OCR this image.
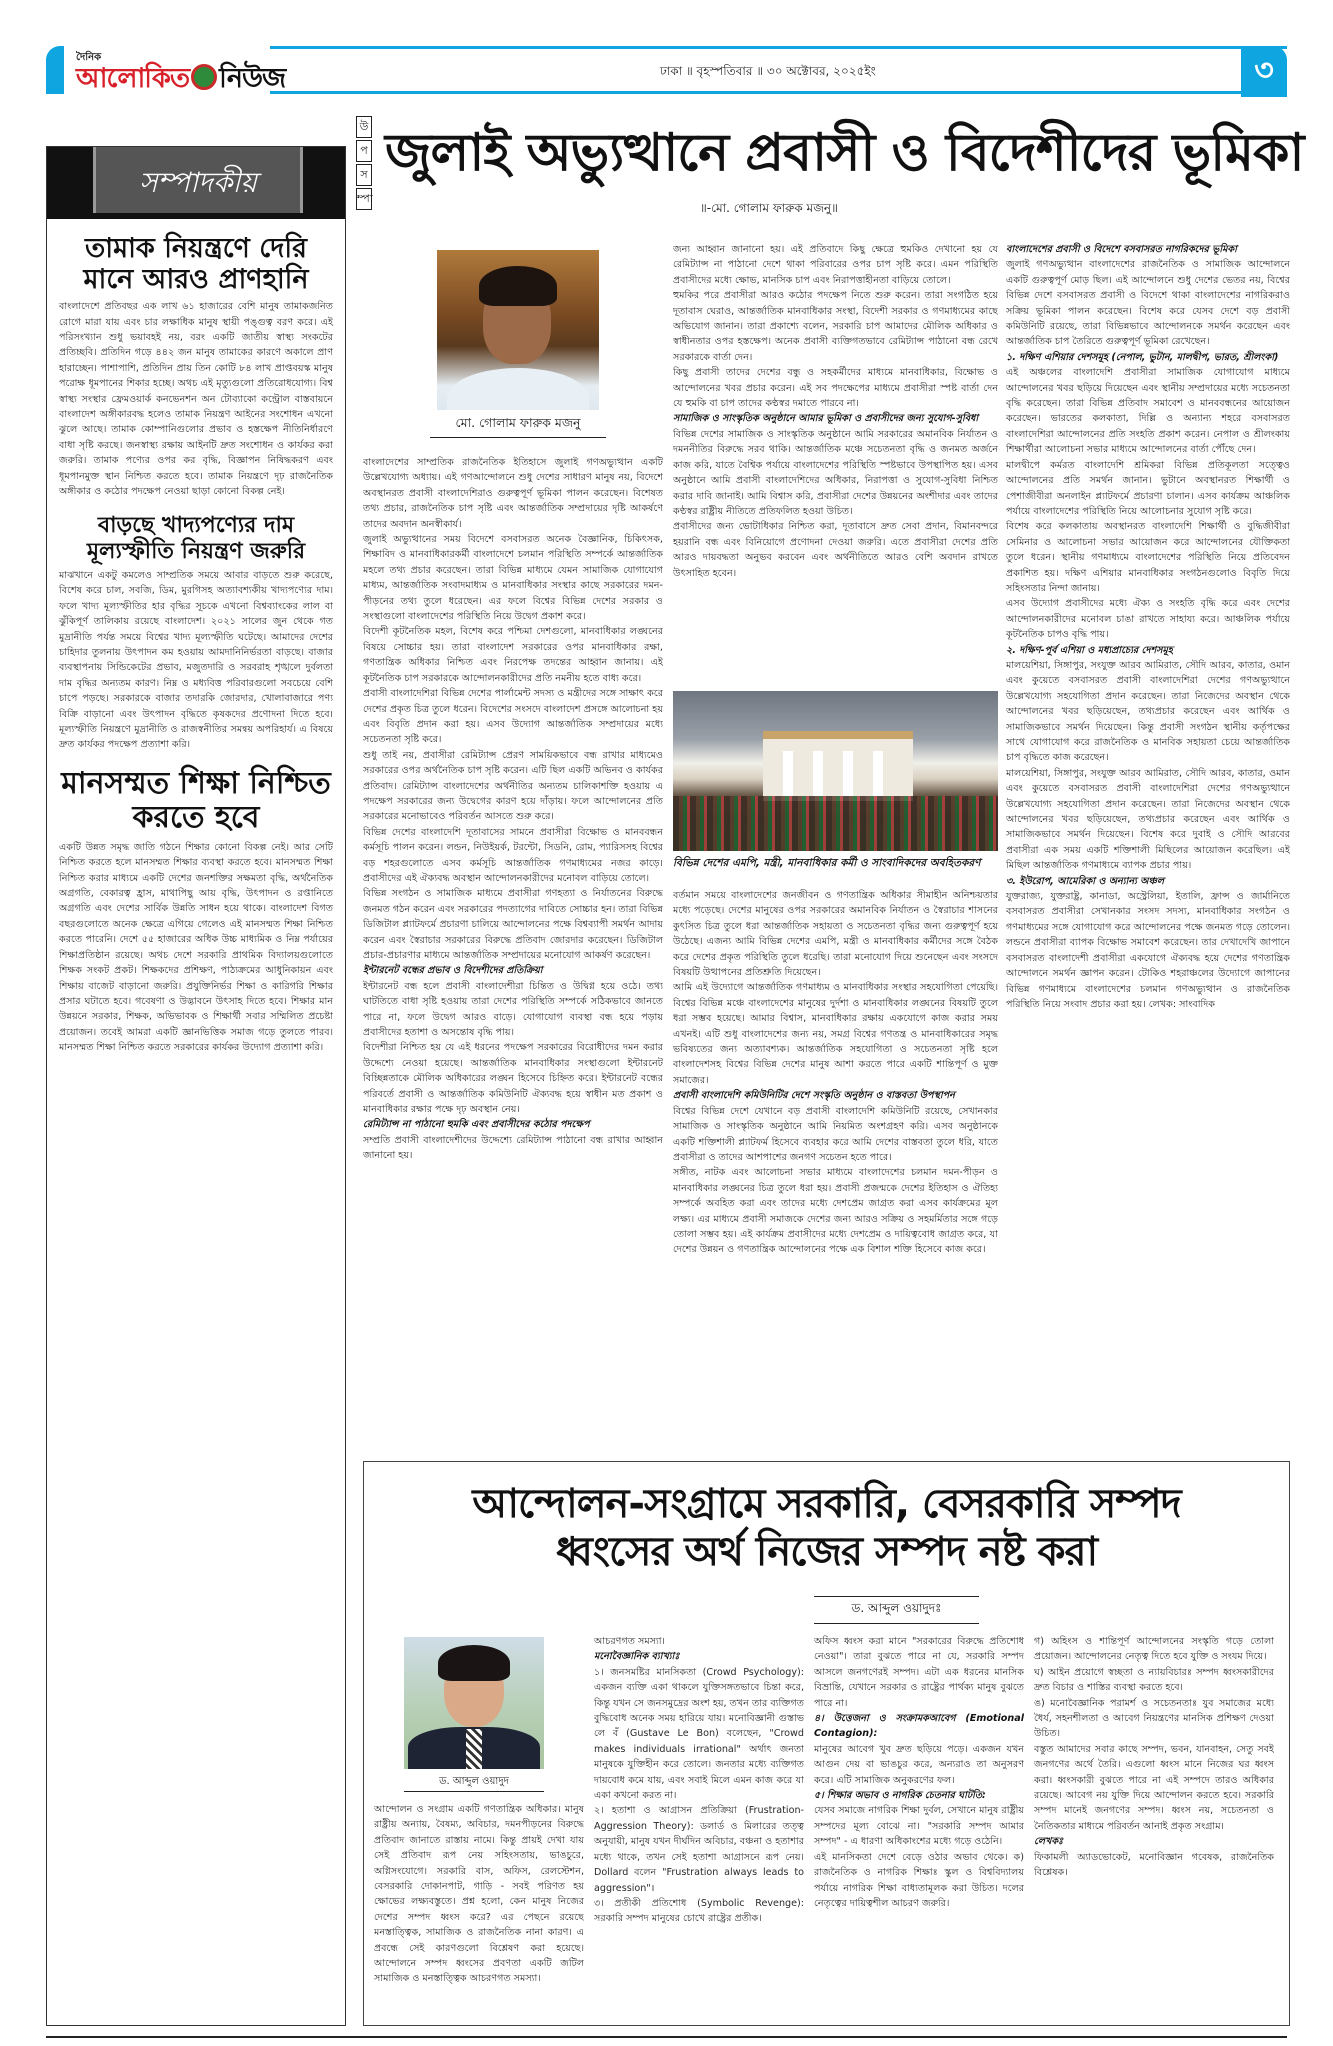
দৈনিক
আলোকিত নিউজ	ঢাকা ॥ বৃহস্পতিবার ॥ ৩০ অক্টোবর, ২০২৫ইং	৩
সম্পাদকীয়
তামাক নিয়ন্ত্রণে দেরি মানে আরও প্রাণহানি

বাংলাদেশে প্রতিবছর এক লাখ ৬১ হাজারের বেশি মানুষ তামাকজনিত রোগে মারা যায় এবং চার লক্ষাধিক মানুষ স্থায়ী পঙ্গুত্ব বরণ করে। এই পরিসংখ্যান শুধু ভয়াবহই নয়, বরং একটি জাতীয় স্বাস্থ্য সংকটের প্রতিচ্ছবি। প্রতিদিন গড়ে ৪৪২ জন মানুষ তামাকের কারণে অকালে প্রাণ হারাচ্ছেন। পাশাপাশি, প্রতিদিন প্রায় তিন কোটি ৮৪ লাখ প্রাপ্তবয়স্ক মানুষ পরোক্ষ ধূমপানের শিকার হচ্ছে। অথচ এই মৃত্যুগুলো প্রতিরোধযোগ্য। বিশ্ব স্বাস্থ্য সংস্থার ফ্রেমওয়ার্ক কনভেনশন অন টোব্যাকো কন্ট্রোল বাস্তবায়নে বাংলাদেশ অঙ্গীকারবদ্ধ হলেও তামাক নিয়ন্ত্রণ আইনের সংশোধন এখনো ঝুলে আছে। তামাক কোম্পানিগুলোর প্রভাব ও হস্তক্ষেপ নীতিনির্ধারণে বাধা সৃষ্টি করছে। জনস্বাস্থ্য রক্ষায় আইনটি দ্রুত সংশোধন ও কার্যকর করা জরুরি। তামাক পণ্যের ওপর কর বৃদ্ধি, বিজ্ঞাপন নিষিদ্ধকরণ এবং ধূমপানমুক্ত স্থান নিশ্চিত করতে হবে। তামাক নিয়ন্ত্রণে দৃঢ় রাজনৈতিক অঙ্গীকার ও কঠোর পদক্ষেপ নেওয়া ছাড়া কোনো বিকল্প নেই।

বাড়ছে খাদ্যপণ্যের দাম মূল্যস্ফীতি নিয়ন্ত্রণ জরুরি

মাঝখানে একটু কমলেও সাম্প্রতিক সময়ে আবার বাড়তে শুরু করেছে, বিশেষ করে চাল, সবজি, ডিম, মুরগিসহ অত্যাবশ্যকীয় খাদ্যপণ্যের দাম। ফলে খাদ্য মূল্যস্ফীতির হার বৃদ্ধির সূচকে এখনো বিশ্বব্যাংকের লাল বা ঝুঁকিপূর্ণ তালিকায় রয়েছে বাংলাদেশ। ২০২১ সালের জুন থেকে গত মুদ্রানীতি পর্যন্ত সময়ে বিশ্বের খাদ্য মূল্যস্ফীতি ঘটেছে। আমাদের দেশের চাহিদার তুলনায় উৎপাদন কম হওয়ায় আমদানিনির্ভরতা বাড়ছে। বাজার ব্যবস্থাপনায় সিন্ডিকেটের প্রভাব, মজুতদারি ও সরবরাহ শৃঙ্খলে দুর্বলতা দাম বৃদ্ধির অন্যতম কারণ। নিম্ন ও মধ্যবিত্ত পরিবারগুলো সবচেয়ে বেশি চাপে পড়ছে। সরকারকে বাজার তদারকি জোরদার, খোলাবাজারে পণ্য বিক্রি বাড়ানো এবং উৎপাদন বৃদ্ধিতে কৃষকদের প্রণোদনা দিতে হবে। মূল্যস্ফীতি নিয়ন্ত্রণে মুদ্রানীতি ও রাজস্বনীতির সমন্বয় অপরিহার্য। এ বিষয়ে দ্রুত কার্যকর পদক্ষেপ প্রত্যাশা করি।

মানসম্মত শিক্ষা নিশ্চিত করতে হবে

একটি উন্নত সমৃদ্ধ জাতি গঠনে শিক্ষার কোনো বিকল্প নেই। আর সেটি নিশ্চিত করতে হলে মানসম্মত শিক্ষার ব্যবস্থা করতে হবে। মানসম্মত শিক্ষা নিশ্চিত করার মাধ্যমে একটি দেশের জনশক্তির সক্ষমতা বৃদ্ধি, অর্থনৈতিক অগ্রগতি, বেকারত্ব হ্রাস, মাথাপিছু আয় বৃদ্ধি, উৎপাদন ও রপ্তানিতে অগ্রগতি এবং দেশের সার্বিক উন্নতি সাধন হয়ে থাকে। বাংলাদেশ বিগত বছরগুলোতে অনেক ক্ষেত্রে এগিয়ে গেলেও এই মানসম্মত শিক্ষা নিশ্চিত করতে পারেনি। দেশে ৫৫ হাজারের অধিক উচ্চ মাধ্যমিক ও নিম্ন পর্যায়ের শিক্ষাপ্রতিষ্ঠান রয়েছে। অথচ দেশে সরকারি প্রাথমিক বিদ্যালয়গুলোতে শিক্ষক সংকট প্রকট। শিক্ষকদের প্রশিক্ষণ, পাঠ্যক্রমের আধুনিকায়ন এবং শিক্ষায় বাজেট বাড়ানো জরুরি। প্রযুক্তিনির্ভর শিক্ষা ও কারিগরি শিক্ষার প্রসার ঘটাতে হবে। গবেষণা ও উদ্ভাবনে উৎসাহ দিতে হবে। শিক্ষার মান উন্নয়নে সরকার, শিক্ষক, অভিভাবক ও শিক্ষার্থী সবার সম্মিলিত প্রচেষ্টা প্রয়োজন। তবেই আমরা একটি জ্ঞানভিত্তিক সমাজ গড়ে তুলতে পারব। মানসম্মত শিক্ষা নিশ্চিত করতে সরকারের কার্যকর উদ্যোগ প্রত্যাশা করি।

উ
প
স
ম্পা
জুলাই অভ্যুত্থানে প্রবাসী ও বিদেশীদের ভূমিকা
॥-মো. গোলাম ফারুক মজনু॥
মো. গোলাম ফারুক মজনু

বাংলাদেশের সাম্প্রতিক রাজনৈতিক ইতিহাসে জুলাই গণঅভ্যুত্থান একটি উল্লেখযোগ্য অধ্যায়। এই গণআন্দোলনে শুধু দেশের সাধারণ মানুষ নয়, বিদেশে অবস্থানরত প্রবাসী বাংলাদেশিরাও গুরুত্বপূর্ণ ভূমিকা পালন করেছেন। বিশেষত তথ্য প্রচার, রাজনৈতিক চাপ সৃষ্টি এবং আন্তর্জাতিক সম্প্রদায়ের দৃষ্টি আকর্ষণে তাদের অবদান অনস্বীকার্য।

জুলাই অভ্যুত্থানের সময় বিদেশে বসবাসরত অনেক বৈজ্ঞানিক, চিকিৎসক, শিক্ষাবিদ ও মানবাধিকারকর্মী বাংলাদেশে চলমান পরিস্থিতি সম্পর্কে আন্তর্জাতিক মহলে তথ্য প্রচার করেছেন। তারা বিভিন্ন মাধ্যমে যেমন সামাজিক যোগাযোগ মাধ্যম, আন্তর্জাতিক সংবাদমাধ্যম ও মানবাধিকার সংস্থার কাছে সরকারের দমন-পীড়নের তথ্য তুলে ধরেছেন। এর ফলে বিশ্বের বিভিন্ন দেশের সরকার ও সংস্থাগুলো বাংলাদেশের পরিস্থিতি নিয়ে উদ্বেগ প্রকাশ করে।

বিদেশী কূটনৈতিক মহল, বিশেষ করে পশ্চিমা দেশগুলো, মানবাধিকার লঙ্ঘনের বিষয়ে সোচ্চার হয়। তারা বাংলাদেশ সরকারের ওপর মানবাধিকার রক্ষা, গণতান্ত্রিক অধিকার নিশ্চিত এবং নিরপেক্ষ তদন্তের আহ্বান জানায়। এই কূটনৈতিক চাপ সরকারকে আন্দোলনকারীদের প্রতি নমনীয় হতে বাধ্য করে।

প্রবাসী বাংলাদেশিরা বিভিন্ন দেশের পার্লামেন্ট সদস্য ও মন্ত্রীদের সঙ্গে সাক্ষাৎ করে দেশের প্রকৃত চিত্র তুলে ধরেন। বিদেশের সংসদে বাংলাদেশ প্রসঙ্গে আলোচনা হয় এবং বিবৃতি প্রদান করা হয়। এসব উদ্যোগ আন্তর্জাতিক সম্প্রদায়ের মধ্যে সচেতনতা সৃষ্টি করে।

শুধু তাই নয়, প্রবাসীরা রেমিট্যান্স প্রেরণ সাময়িকভাবে বন্ধ রাখার মাধ্যমেও সরকারের ওপর অর্থনৈতিক চাপ সৃষ্টি করেন। এটি ছিল একটি অভিনব ও কার্যকর প্রতিবাদ। রেমিট্যান্স বাংলাদেশের অর্থনীতির অন্যতম চালিকাশক্তি হওয়ায় এ পদক্ষেপ সরকারের জন্য উদ্বেগের কারণ হয়ে দাঁড়ায়। ফলে আন্দোলনের প্রতি সরকারের মনোভাবেও পরিবর্তন আসতে শুরু করে।

বিভিন্ন দেশের বাংলাদেশি দূতাবাসের সামনে প্রবাসীরা বিক্ষোভ ও মানববন্ধন কর্মসূচি পালন করেন। লন্ডন, নিউইয়র্ক, টরন্টো, সিডনি, রোম, প্যারিসসহ বিশ্বের বড় শহরগুলোতে এসব কর্মসূচি আন্তর্জাতিক গণমাধ্যমের নজর কাড়ে। প্রবাসীদের এই ঐক্যবদ্ধ অবস্থান আন্দোলনকারীদের মনোবল বাড়িয়ে তোলে।

বিভিন্ন সংগঠন ও সামাজিক মাধ্যমে প্রবাসীরা গণহত্যা ও নির্যাতনের বিরুদ্ধে জনমত গঠন করেন এবং সরকারের পদত্যাগের দাবিতে সোচ্চার হন। তারা বিভিন্ন ডিজিটাল প্ল্যাটফর্মে প্রচারণা চালিয়ে আন্দোলনের পক্ষে বিশ্বব্যাপী সমর্থন আদায় করেন এবং স্বৈরাচার সরকারের বিরুদ্ধে প্রতিবাদ জোরদার করেছেন। ডিজিটাল প্রচার-প্রচারণার মাধ্যমে আন্তর্জাতিক সম্প্রদায়ের মনোযোগ আকর্ষণ করেছেন।

ইন্টারনেট বন্ধের প্রভাব ও বিদেশীদের প্রতিক্রিয়া

ইন্টারনেট বন্ধ হলে প্রবাসী বাংলাদেশীরা চিন্তিত ও উদ্বিগ্ন হয়ে ওঠে। তথ্য ঘাটতিতে বাধা সৃষ্টি হওয়ায় তারা দেশের পরিস্থিতি সম্পর্কে সঠিকভাবে জানতে পারে না, ফলে উদ্বেগ আরও বাড়ে। যোগাযোগ ব্যবস্থা বন্ধ হয়ে পড়ায় প্রবাসীদের হতাশা ও অসন্তোষ বৃদ্ধি পায়।

বিদেশীরা নিশ্চিত হয় যে এই ধরনের পদক্ষেপ সরকারের বিরোধীদের দমন করার উদ্দেশ্যে নেওয়া হয়েছে। আন্তর্জাতিক মানবাধিকার সংস্থাগুলো ইন্টারনেট বিচ্ছিন্নতাকে মৌলিক অধিকারের লঙ্ঘন হিসেবে চিহ্নিত করে। ইন্টারনেট বন্ধের পরিবর্তে প্রবাসী ও আন্তর্জাতিক কমিউনিটি ঐক্যবদ্ধ হয়ে স্বাধীন মত প্রকাশ ও মানবাধিকার রক্ষার পক্ষে দৃঢ় অবস্থান নেয়।

রেমিট্যান্স না পাঠানো হুমকি এবং প্রবাসীদের কঠোর পদক্ষেপ

সম্প্রতি প্রবাসী বাংলাদেশীদের উদ্দেশ্যে রেমিট্যান্স পাঠানো বন্ধ রাখার আহ্বান জানানো হয়।

জন্য আহ্বান জানানো হয়। এই প্রতিবাদে কিছু ক্ষেত্রে হুমকিও দেখানো হয় যে রেমিট্যান্স না পাঠানো দেশে থাকা পরিবারের ওপর চাপ সৃষ্টি করে। এমন পরিস্থিতি প্রবাসীদের মধ্যে ক্ষোভ, মানসিক চাপ এবং নিরাপত্তাহীনতা বাড়িয়ে তোলে।

হুমকির পরে প্রবাসীরা আরও কঠোর পদক্ষেপ নিতে শুরু করেন। তারা সংগঠিত হয়ে দূতাবাস ঘেরাও, আন্তর্জাতিক মানবাধিকার সংস্থা, বিদেশী সরকার ও গণমাধ্যমের কাছে অভিযোগ জানান। তারা প্রকাশ্যে বলেন, সরকারি চাপ আমাদের মৌলিক অধিকার ও স্বাধীনতার ওপর হস্তক্ষেপ। অনেক প্রবাসী ব্যক্তিগতভাবে রেমিট্যান্স পাঠানো বন্ধ রেখে সরকারকে বার্তা দেন।

কিছু প্রবাসী তাদের দেশের বন্ধু ও সহকর্মীদের মাধ্যমে মানবাধিকার, বিক্ষোভ ও আন্দোলনের খবর প্রচার করেন। এই সব পদক্ষেপের মাধ্যমে প্রবাসীরা স্পষ্ট বার্তা দেন যে হুমকি বা চাপ তাদের কণ্ঠস্বর দমাতে পারবে না।

সামাজিক ও সাংস্কৃতিক অনুষ্ঠানে আমার ভূমিকা ও প্রবাসীদের জন্য সুযোগ-সুবিধা

বিভিন্ন দেশের সামাজিক ও সাংস্কৃতিক অনুষ্ঠানে আমি সরকারের অমানবিক নির্যাতন ও দমননীতির বিরুদ্ধে সরব থাকি। আন্তর্জাতিক মঞ্চে সচেতনতা বৃদ্ধি ও জনমত অর্জনে কাজ করি, যাতে বৈশ্বিক পর্যায়ে বাংলাদেশের পরিস্থিতি স্পষ্টভাবে উপস্থাপিত হয়। এসব অনুষ্ঠানে আমি প্রবাসী বাংলাদেশিদের অধিকার, নিরাপত্তা ও সুযোগ-সুবিধা নিশ্চিত করার দাবি জানাই। আমি বিশ্বাস করি, প্রবাসীরা দেশের উন্নয়নের অংশীদার এবং তাদের কণ্ঠস্বর রাষ্ট্রীয় নীতিতে প্রতিফলিত হওয়া উচিত।

প্রবাসীদের জন্য ভোটাধিকার নিশ্চিত করা, দূতাবাসে দ্রুত সেবা প্রদান, বিমানবন্দরে হয়রানি বন্ধ এবং বিনিয়োগে প্রণোদনা দেওয়া জরুরি। এতে প্রবাসীরা দেশের প্রতি আরও দায়বদ্ধতা অনুভব করবেন এবং অর্থনীতিতে আরও বেশি অবদান রাখতে উৎসাহিত হবেন।

বিভিন্ন দেশের এমপি, মন্ত্রী, মানবাধিকার কর্মী ও সাংবাদিকদের অবহিতকরণ

বর্তমান সময়ে বাংলাদেশের জনজীবন ও গণতান্ত্রিক অধিকার সীমাহীন অনিশ্চয়তার মধ্যে পড়েছে। দেশের মানুষের ওপর সরকারের অমানবিক নির্যাতন ও স্বৈরাচার শাসনের কুৎসিত চিত্র তুলে ধরা আন্তর্জাতিক সহায়তা ও সচেতনতা বৃদ্ধির জন্য গুরুত্বপূর্ণ হয়ে উঠেছে। এজন্য আমি বিভিন্ন দেশের এমপি, মন্ত্রী ও মানবাধিকার কর্মীদের সঙ্গে বৈঠক করে দেশের প্রকৃত পরিস্থিতি তুলে ধরেছি। তারা মনোযোগ দিয়ে শুনেছেন এবং সংসদে বিষয়টি উত্থাপনের প্রতিশ্রুতি দিয়েছেন।

আমি এই উদ্যোগে আন্তর্জাতিক গণমাধ্যম ও মানবাধিকার সংস্থার সহযোগিতা পেয়েছি। বিশ্বের বিভিন্ন মঞ্চে বাংলাদেশের মানুষের দুর্দশা ও মানবাধিকার লঙ্ঘনের বিষয়টি তুলে ধরা সম্ভব হয়েছে। আমার বিশ্বাস, মানবাধিকার রক্ষায় একযোগে কাজ করার সময় এখনই। এটি শুধু বাংলাদেশের জন্য নয়, সমগ্র বিশ্বের গণতন্ত্র ও মানবাধিকারের সমৃদ্ধ ভবিষ্যতের জন্য অত্যাবশ্যক। আন্তর্জাতিক সহযোগিতা ও সচেতনতা সৃষ্টি হলে বাংলাদেশসহ বিশ্বের বিভিন্ন দেশের মানুষ আশা করতে পারে একটি শান্তিপূর্ণ ও মুক্ত সমাজের।

প্রবাসী বাংলাদেশি কমিউনিটির দেশে সংস্কৃতি অনুষ্ঠান ও বাস্তবতা উপস্থাপন

বিশ্বের বিভিন্ন দেশে যেখানে বড় প্রবাসী বাংলাদেশি কমিউনিটি রয়েছে, সেখানকার সামাজিক ও সাংস্কৃতিক অনুষ্ঠানে আমি নিয়মিত অংশগ্রহণ করি। এসব অনুষ্ঠানকে একটি শক্তিশালী প্ল্যাটফর্ম হিসেবে ব্যবহার করে আমি দেশের বাস্তবতা তুলে ধরি, যাতে প্রবাসীরা ও তাদের আশপাশের জনগণ সচেতন হতে পারে।

সঙ্গীত, নাটক এবং আলোচনা সভার মাধ্যমে বাংলাদেশের চলমান দমন-পীড়ন ও মানবাধিকার লঙ্ঘনের চিত্র তুলে ধরা হয়। প্রবাসী প্রজন্মকে দেশের ইতিহাস ও ঐতিহ্য সম্পর্কে অবহিত করা এবং তাদের মধ্যে দেশপ্রেম জাগ্রত করা এসব কার্যক্রমের মূল লক্ষ্য। এর মাধ্যমে প্রবাসী সমাজকে দেশের জন্য আরও সক্রিয় ও সহমর্মিতার সঙ্গে গড়ে তোলা সম্ভব হয়। এই কার্যক্রম প্রবাসীদের মধ্যে দেশপ্রেম ও দায়িত্ববোধ জাগ্রত করে, যা দেশের উন্নয়ন ও গণতান্ত্রিক আন্দোলনের পক্ষে এক বিশাল শক্তি হিসেবে কাজ করে।

বাংলাদেশের প্রবাসী ও বিদেশে বসবাসরত নাগরিকদের ভূমিকা

জুলাই গণঅভ্যুত্থান বাংলাদেশের রাজনৈতিক ও সামাজিক আন্দোলনে একটি গুরুত্বপূর্ণ মোড় ছিল। এই আন্দোলনে শুধু দেশের ভেতর নয়, বিশ্বের বিভিন্ন দেশে বসবাসরত প্রবাসী ও বিদেশে থাকা বাংলাদেশের নাগরিকরাও সক্রিয় ভূমিকা পালন করেছেন। বিশেষ করে যেসব দেশে বড় প্রবাসী কমিউনিটি রয়েছে, তারা বিভিন্নভাবে আন্দোলনকে সমর্থন করেছেন এবং আন্তর্জাতিক চাপ তৈরিতে গুরুত্বপূর্ণ ভূমিকা রেখেছেন।

১. দক্ষিণ এশিয়ার দেশসমূহ (নেপাল, ভুটান, মালদ্বীপ, ভারত, শ্রীলংকা)

এই অঞ্চলের বাংলাদেশি প্রবাসীরা সামাজিক যোগাযোগ মাধ্যমে আন্দোলনের খবর ছড়িয়ে দিয়েছেন এবং স্থানীয় সম্প্রদায়ের মধ্যে সচেতনতা বৃদ্ধি করেছেন। তারা বিভিন্ন প্রতিবাদ সমাবেশ ও মানববন্ধনের আয়োজন করেছেন। ভারতের কলকাতা, দিল্লি ও অন্যান্য শহরে বসবাসরত বাংলাদেশিরা আন্দোলনের প্রতি সংহতি প্রকাশ করেন। নেপাল ও শ্রীলংকায় শিক্ষার্থীরা আলোচনা সভার মাধ্যমে আন্দোলনের বার্তা পৌঁছে দেন।

মালদ্বীপে কর্মরত বাংলাদেশি শ্রমিকরা বিভিন্ন প্রতিকূলতা সত্ত্বেও আন্দোলনের প্রতি সমর্থন জানান। ভুটানে অবস্থানরত শিক্ষার্থী ও পেশাজীবীরা অনলাইন প্ল্যাটফর্মে প্রচারণা চালান। এসব কার্যক্রম আঞ্চলিক পর্যায়ে বাংলাদেশের পরিস্থিতি নিয়ে আলোচনার সুযোগ সৃষ্টি করে।

বিশেষ করে কলকাতায় অবস্থানরত বাংলাদেশি শিক্ষার্থী ও বুদ্ধিজীবীরা সেমিনার ও আলোচনা সভার আয়োজন করে আন্দোলনের যৌক্তিকতা তুলে ধরেন। স্থানীয় গণমাধ্যমে বাংলাদেশের পরিস্থিতি নিয়ে প্রতিবেদন প্রকাশিত হয়। দক্ষিণ এশিয়ার মানবাধিকার সংগঠনগুলোও বিবৃতি দিয়ে সহিংসতার নিন্দা জানায়।

এসব উদ্যোগ প্রবাসীদের মধ্যে ঐক্য ও সংহতি বৃদ্ধি করে এবং দেশের আন্দোলনকারীদের মনোবল চাঙা রাখতে সাহায্য করে। আঞ্চলিক পর্যায়ে কূটনৈতিক চাপও বৃদ্ধি পায়।

২. দক্ষিণ-পূর্ব এশিয়া ও মধ্যপ্রাচ্যের দেশসমূহ

মালয়েশিয়া, সিঙ্গাপুর, সংযুক্ত আরব আমিরাত, সৌদি আরব, কাতার, ওমান এবং কুয়েতে বসবাসরত প্রবাসী বাংলাদেশিরা দেশের গণঅভ্যুত্থানে উল্লেখযোগ্য সহযোগিতা প্রদান করেছেন। তারা নিজেদের অবস্থান থেকে আন্দোলনের খবর ছড়িয়েছেন, তথ্যপ্রচার করেছেন এবং আর্থিক ও সামাজিকভাবে সমর্থন দিয়েছেন। কিন্তু প্রবাসী সংগঠন স্থানীয় কর্তৃপক্ষের সাথে যোগাযোগ করে রাজনৈতিক ও মানবিক সহায়তা চেয়ে আন্তর্জাতিক চাপ বৃদ্ধিতে কাজ করেছেন।

মালয়েশিয়া, সিঙ্গাপুর, সংযুক্ত আরব আমিরাত, সৌদি আরব, কাতার, ওমান এবং কুয়েতে বসবাসরত প্রবাসী বাংলাদেশিরা দেশের গণঅভ্যুত্থানে উল্লেখযোগ্য সহযোগিতা প্রদান করেছেন। তারা নিজেদের অবস্থান থেকে আন্দোলনের খবর ছড়িয়েছেন, তথ্যপ্রচার করেছেন এবং আর্থিক ও সামাজিকভাবে সমর্থন দিয়েছেন। বিশেষ করে দুবাই ও সৌদি আরবের প্রবাসীরা এক সময় একটি শক্তিশালী মিছিলের আয়োজন করেছিল। এই মিছিল আন্তর্জাতিক গণমাধ্যমে ব্যাপক প্রচার পায়।

৩. ইউরোপ, আমেরিকা ও অন্যান্য অঞ্চল

যুক্তরাজ্য, যুক্তরাষ্ট্র, কানাডা, অস্ট্রেলিয়া, ইতালি, ফ্রান্স ও জার্মানিতে বসবাসরত প্রবাসীরা সেখানকার সংসদ সদস্য, মানবাধিকার সংগঠন ও গণমাধ্যমের সঙ্গে যোগাযোগ করে আন্দোলনের পক্ষে জনমত গড়ে তোলেন। লন্ডনে প্রবাসীরা ব্যাপক বিক্ষোভ সমাবেশ করেছেন। তার দেখাদেখি জাপানে বসবাসরত বাংলাদেশী প্রবাসীরা একযোগে ঐক্যবদ্ধ হয়ে দেশের গণতান্ত্রিক আন্দোলনে সমর্থন জ্ঞাপন করেন। টোকিও শহরাঞ্চলের উদ্যোগে জাপানের বিভিন্ন গণমাধ্যমে বাংলাদেশের চলমান গণঅভ্যুত্থান ও রাজনৈতিক পরিস্থিতি নিয়ে সংবাদ প্রচার করা হয়। লেখক: সাংবাদিক

আন্দোলন-সংগ্রামে সরকারি, বেসরকারি সম্পদ
ধ্বংসের অর্থ নিজের সম্পদ নষ্ট করা
ড. আব্দুল ওয়াদুদঃ
ড. আব্দুল ওয়াদুদ

আন্দোলন ও সংগ্রাম একটি গণতান্ত্রিক অধিকার। মানুষ রাষ্ট্রীয় অন্যায়, বৈষম্য, অবিচার, দমনপীড়নের বিরুদ্ধে প্রতিবাদ জানাতে রাস্তায় নামে। কিন্তু প্রায়ই দেখা যায় সেই প্রতিবাদ রূপ নেয় সহিংসতায়, ভাঙচুরে, অগ্নিসংযোগে। সরকারি বাস, অফিস, রেলস্টেশন, বেসরকারি দোকানপাট, গাড়ি - সবই পরিণত হয় ক্ষোভের লক্ষ্যবস্তুতে। প্রশ্ন হলো, কেন মানুষ নিজের দেশের সম্পদ ধ্বংস করে? এর পেছনে রয়েছে মনস্তাত্ত্বিক, সামাজিক ও রাজনৈতিক নানা কারণ। এ প্রবন্ধে সেই কারণগুলো বিশ্লেষণ করা হয়েছে। আন্দোলনে সম্পদ ধ্বংসের প্রবণতা একটি জটিল সামাজিক ও মনস্তাত্ত্বিক আচরণগত সমস্যা।

আচরণগত সমস্যা।

মনোবৈজ্ঞানিক ব্যাখ্যাঃ

১। জনসমষ্টির মানসিকতা (Crowd Psychology): একজন ব্যক্তি একা থাকলে যুক্তিসঙ্গতভাবে চিন্তা করে, কিন্তু যখন সে জনসমুদ্রের অংশ হয়, তখন তার ব্যক্তিগত বুদ্ধিবোধ অনেক সময় হারিয়ে যায়। মনোবিজ্ঞানী গুস্তাভ লে বঁ (Gustave Le Bon) বলেছেন, "Crowd makes individuals irrational" অর্থাৎ জনতা মানুষকে যুক্তিহীন করে তোলে। জনতার মধ্যে ব্যক্তিগত দায়বোধ কমে যায়, এবং সবাই মিলে এমন কাজ করে যা একা কখনো করত না।

২। হতাশা ও আগ্রাসন প্রতিক্রিয়া (Frustration-Aggression Theory): ডলার্ড ও মিলারের তত্ত্ব অনুযায়ী, মানুষ যখন দীর্ঘদিন অবিচার, বঞ্চনা ও হতাশার মধ্যে থাকে, তখন সেই হতাশা আগ্রাসনে রূপ নেয়। Dollard বলেন "Frustration always leads to aggression"।

৩। প্রতীকী প্রতিশোধ (Symbolic Revenge): সরকারি সম্পদ মানুষের চোখে রাষ্ট্রের প্রতীক।

অফিস ধ্বংস করা মানে "সরকারের বিরুদ্ধে প্রতিশোধ নেওয়া"। তারা বুঝতে পারে না যে, সরকারি সম্পদ আসলে জনগণেরই সম্পদ। এটা এক ধরনের মানসিক বিভ্রান্তি, যেখানে সরকার ও রাষ্ট্রের পার্থক্য মানুষ বুঝতে পারে না।

৪। উত্তেজনা ও সংক্রামকআবেগ (Emotional Contagion):

মানুষের আবেগ খুব দ্রুত ছড়িয়ে পড়ে। একজন যখন আগুন দেয় বা ভাঙচুর করে, অন্যরাও তা অনুসরণ করে। এটি সামাজিক অনুকরণের ফল।

৫। শিক্ষার অভাব ও নাগরিক চেতনার ঘাটতি:

যেসব সমাজে নাগরিক শিক্ষা দুর্বল, সেখানে মানুষ রাষ্ট্রীয় সম্পদের মূল্য বোঝে না। "সরকারি সম্পদ আমার সম্পদ" - এ ধারণা অধিকাংশের মধ্যে গড়ে ওঠেনি।

এই মানসিকতা দেশে বেড়ে ওঠার অভাব থেকে। ক) রাজনৈতিক ও নাগরিক শিক্ষাঃ স্কুল ও বিশ্ববিদ্যালয় পর্যায়ে নাগরিক শিক্ষা বাধ্যতামূলক করা উচিত। দলের নেতৃত্বের দায়িত্বশীল আচরণ জরুরি।

গ) অহিংস ও শান্তিপূর্ণ আন্দোলনের সংস্কৃতি গড়ে তোলা প্রয়োজন। আন্দোলনের নেতৃত্ব দিতে হবে যুক্তি ও সংযম দিয়ে।

ঘ) আইন প্রয়োগে স্বচ্ছতা ও ন্যায়বিচারঃ সম্পদ ধ্বংসকারীদের দ্রুত বিচার ও শাস্তির ব্যবস্থা করতে হবে।

ঙ) মনোবৈজ্ঞানিক পরামর্শ ও সচেতনতাঃ যুব সমাজের মধ্যে ধৈর্য, সহনশীলতা ও আবেগ নিয়ন্ত্রণের মানসিক প্রশিক্ষণ দেওয়া উচিত।

বস্তুত আমাদের সবার কাছে সম্পদ, ভবন, যানবাহন, সেতু সবই জনগণের অর্থে তৈরি। এগুলো ধ্বংস মানে নিজের ঘর ধ্বংস করা। ধ্বংসকারী বুঝতে পারে না এই সম্পদে তারও অধিকার রয়েছে। আবেগ নয় যুক্তি দিয়ে আন্দোলন করতে হবে। সরকারি সম্পদ মানেই জনগণের সম্পদ। ধ্বংস নয়, সচেতনতা ও নৈতিকতার মাধ্যমে পরিবর্তন আনাই প্রকৃত সংগ্রাম।

লেখকঃ

ফিকামলী অ্যাডভোকেট, মনোবিজ্ঞান গবেষক, রাজনৈতিক বিশ্লেষক।
